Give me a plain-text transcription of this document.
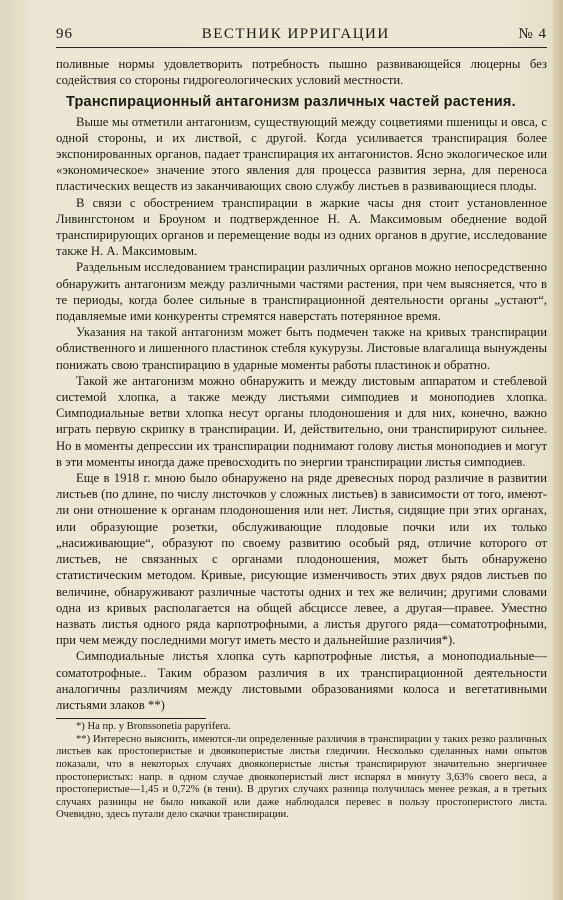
96	ВЕСТНИК ИРРИГАЦИИ	№ 4

поливные нормы удовлетворить потребность пышно развивающейся люцерны без содействия со стороны гидрогеологических условий местности.

Транспирационный антагонизм различных частей растения.

Выше мы отметили антагонизм, существующий между соцветиями пшеницы и овса, с одной стороны, и их листвой, с другой. Когда усиливается транспирация более экспонированных органов, падает транспирация их антагонистов. Ясно экологическое или «экономическое» значение этого явления для процесса развития зерна, для переноса пластических веществ из заканчивающих свою службу листьев в развивающиеся плоды.

В связи с обострением транспирации в жаркие часы дня стоит установленное Ливингстоном и Броуном и подтвержденное Н. А. Максимовым обеднение водой транспирирующих органов и перемещение воды из одних органов в другие, исследование также Н. А. Максимовым.

Раздельным исследованием транспирации различных органов можно непосредственно обнаружить антагонизм между различными частями растения, при чем выясняется, что в те периоды, когда более сильные в транспирационной деятельности органы „устают“, подавляемые ими конкуренты стремятся наверстать потерянное время.

Указания на такой антагонизм может быть подмечен также на кривых транспирации облиственного и лишенного пластинок стебля кукурузы. Листовые влагалища вынуждены понижать свою транспирацию в ударные моменты работы пластинок и обратно.

Такой же антагонизм можно обнаружить и между листовым аппаратом и стеблевой системой хлопка, а также между листьями симподиев и моноподиев хлопка. Симподиальные ветви хлопка несут органы плодоношения и для них, конечно, важно играть первую скрипку в транспирации. И, действительно, они транспирируют сильнее. Но в моменты депрессии их транспирации поднимают голову листья моноподиев и могут в эти моменты иногда даже превосходить по энергии транспирации листья симподиев.

Еще в 1918 г. мною было обнаружено на ряде древесных пород различие в развитии листьев (по длине, по числу листочков у сложных листьев) в зависимости от того, имеют-ли они отношение к органам плодоношения или нет. Листья, сидящие при этих органах, или образующие розетки, обслуживающие плодовые почки или их только „насиживающие“, образуют по своему развитию особый ряд, отличие которого от листьев, не связанных с органами плодоношения, может быть обнаружено статистическим методом. Кривые, рисующие изменчивость этих двух рядов листьев по величине, обнаруживают различные частоты одних и тех же величин; другими словами одна из кривых располагается на общей абсциссе левее, а другая—правее. Уместно назвать листья одного ряда карпотрофными, а листья другого ряда—соматотрофными, при чем между последними могут иметь место и дальнейшие различия*).

Симподиальные листья хлопка суть карпотрофные листья, а моноподиальные—соматотрофные.. Таким образом различия в их транспирационной деятельности аналогичны различиям между листовыми образованиями колоса и вегетативными листьями злаков **)

*) На пр. у Bronssonetia papyrifera.

**) Интересно выяснить, имеются-ли определенные различия в транспирации у таких резко различных листьев как простоперистые и двоякоперистые листья гледичии. Несколько сделанных нами опытов показали, что в некоторых случаях двоякоперистые листья транспирируют значительно энергичнее простоперистых: напр. в одном случае двоякоперистый лист испарял в минуту 3,63% своего веса, а простоперистые—1,45 и 0,72% (в тени). В других случаях разница получилась менее резкая, а в третьих случаях разницы не было никакой или даже наблюдался перевес в пользу простоперистого листа. Очевидно, здесь путали дело скачки транспирации.
